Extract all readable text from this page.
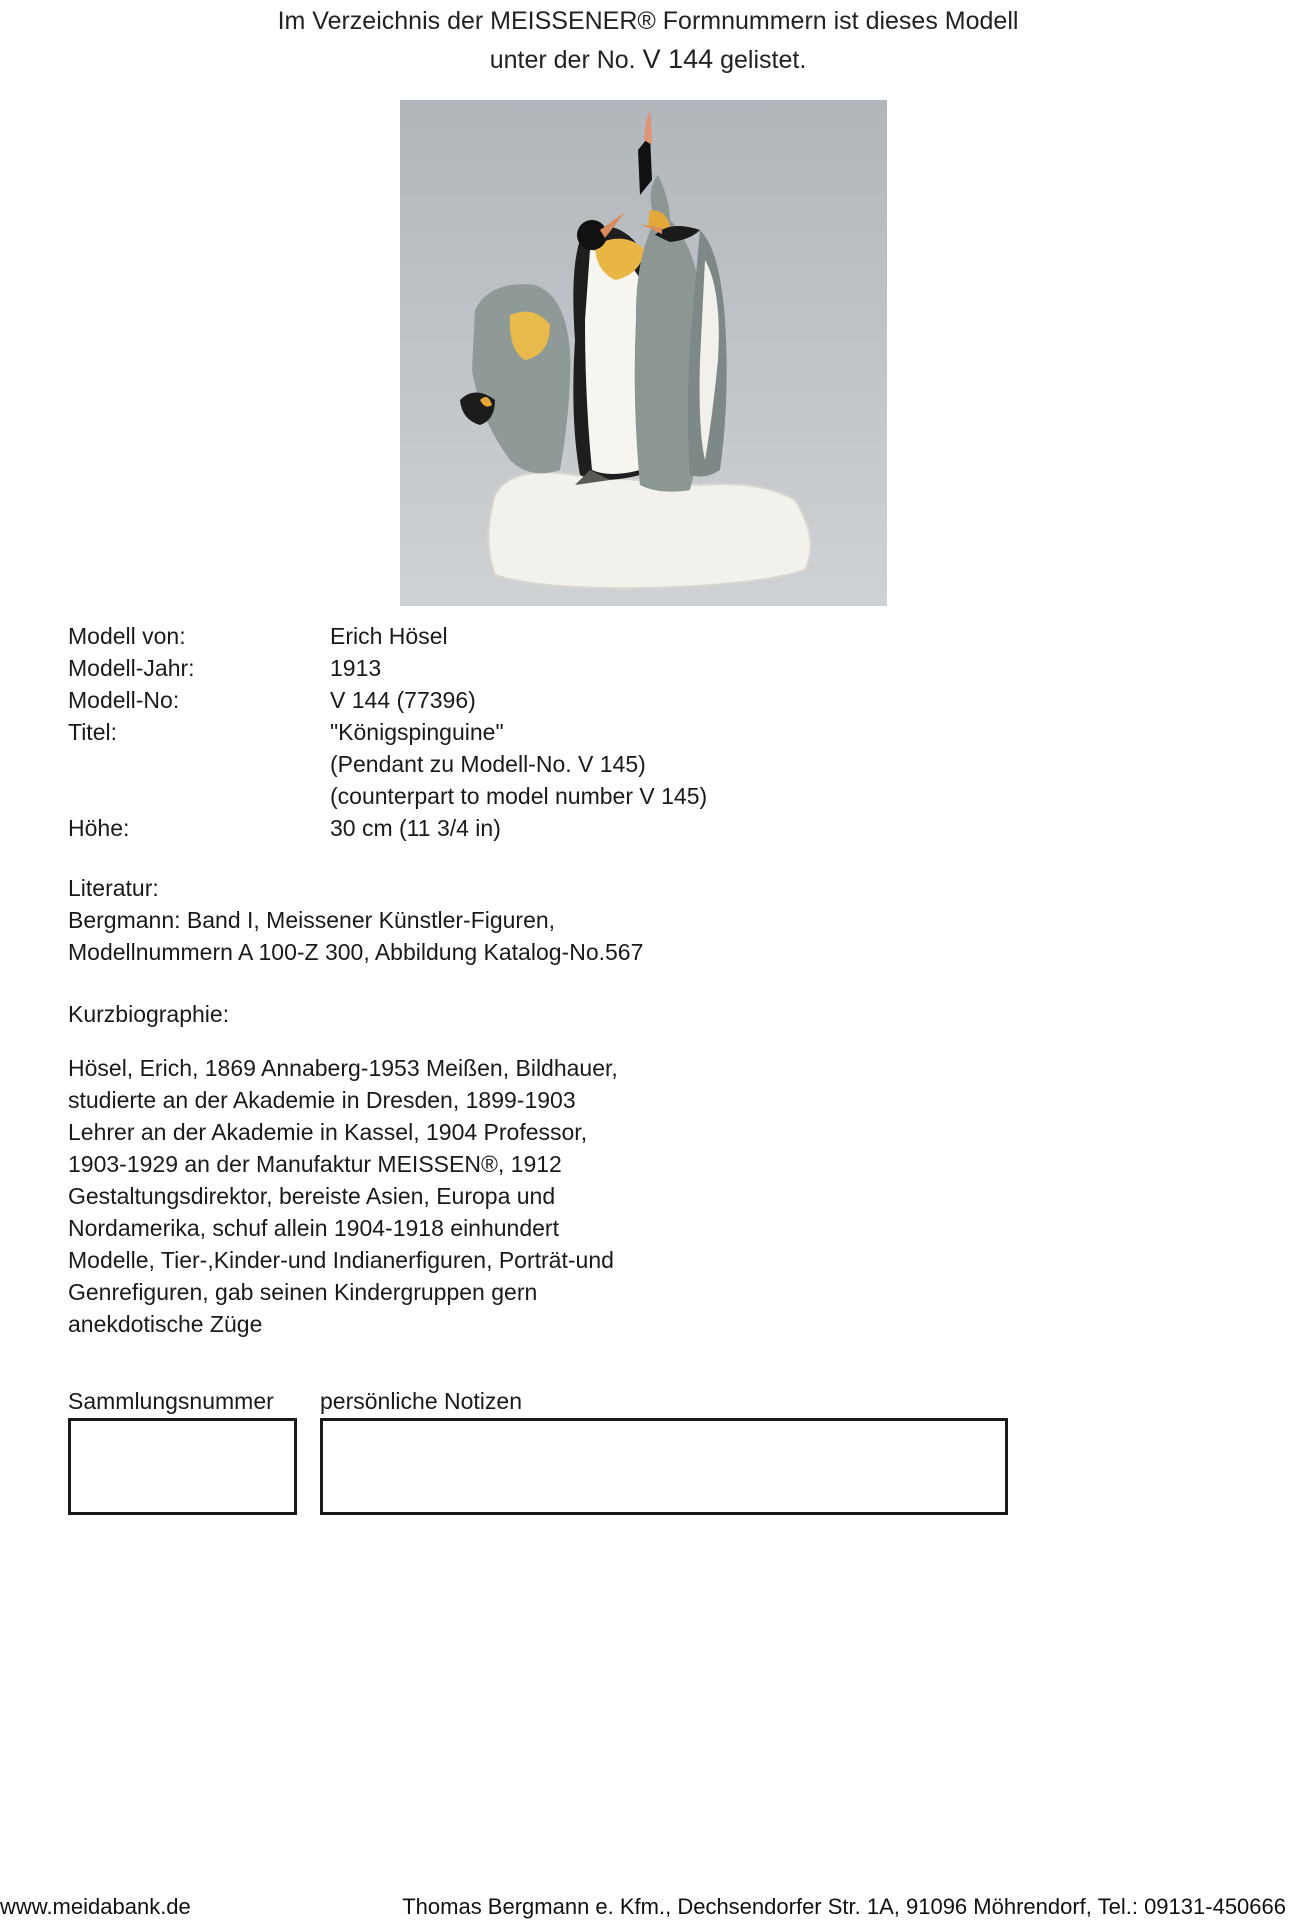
Im Verzeichnis der MEISSENER® Formnummern ist dieses Modell
unter der No. V 144 gelistet.
Modell von:	Erich Hösel
Modell-Jahr:	1913
Modell-No:	V 144 (77396)
Titel:	"Königspinguine"
(Pendant zu Modell-No. V 145)
(counterpart to model number V 145)
Höhe:	30 cm (11 3/4 in)
Literatur:
Bergmann: Band I, Meissener Künstler-Figuren,
Modellnummern A 100-Z 300, Abbildung Katalog-No.567
Kurzbiographie:
Hösel, Erich, 1869 Annaberg-1953 Meißen, Bildhauer,
studierte an der Akademie in Dresden, 1899-1903
Lehrer an der Akademie in Kassel, 1904 Professor,
1903-1929 an der Manufaktur MEISSEN®, 1912
Gestaltungsdirektor, bereiste Asien, Europa und
Nordamerika, schuf allein 1904-1918 einhundert
Modelle, Tier-,Kinder-und Indianerfiguren, Porträt-und
Genrefiguren, gab seinen Kindergruppen gern
anekdotische Züge
Sammlungsnummer persönliche Notizen
www.meidabank.de	Thomas Bergmann e. Kfm., Dechsendorfer Str. 1A, 91096 Möhrendorf, Tel.: 09131-450666
